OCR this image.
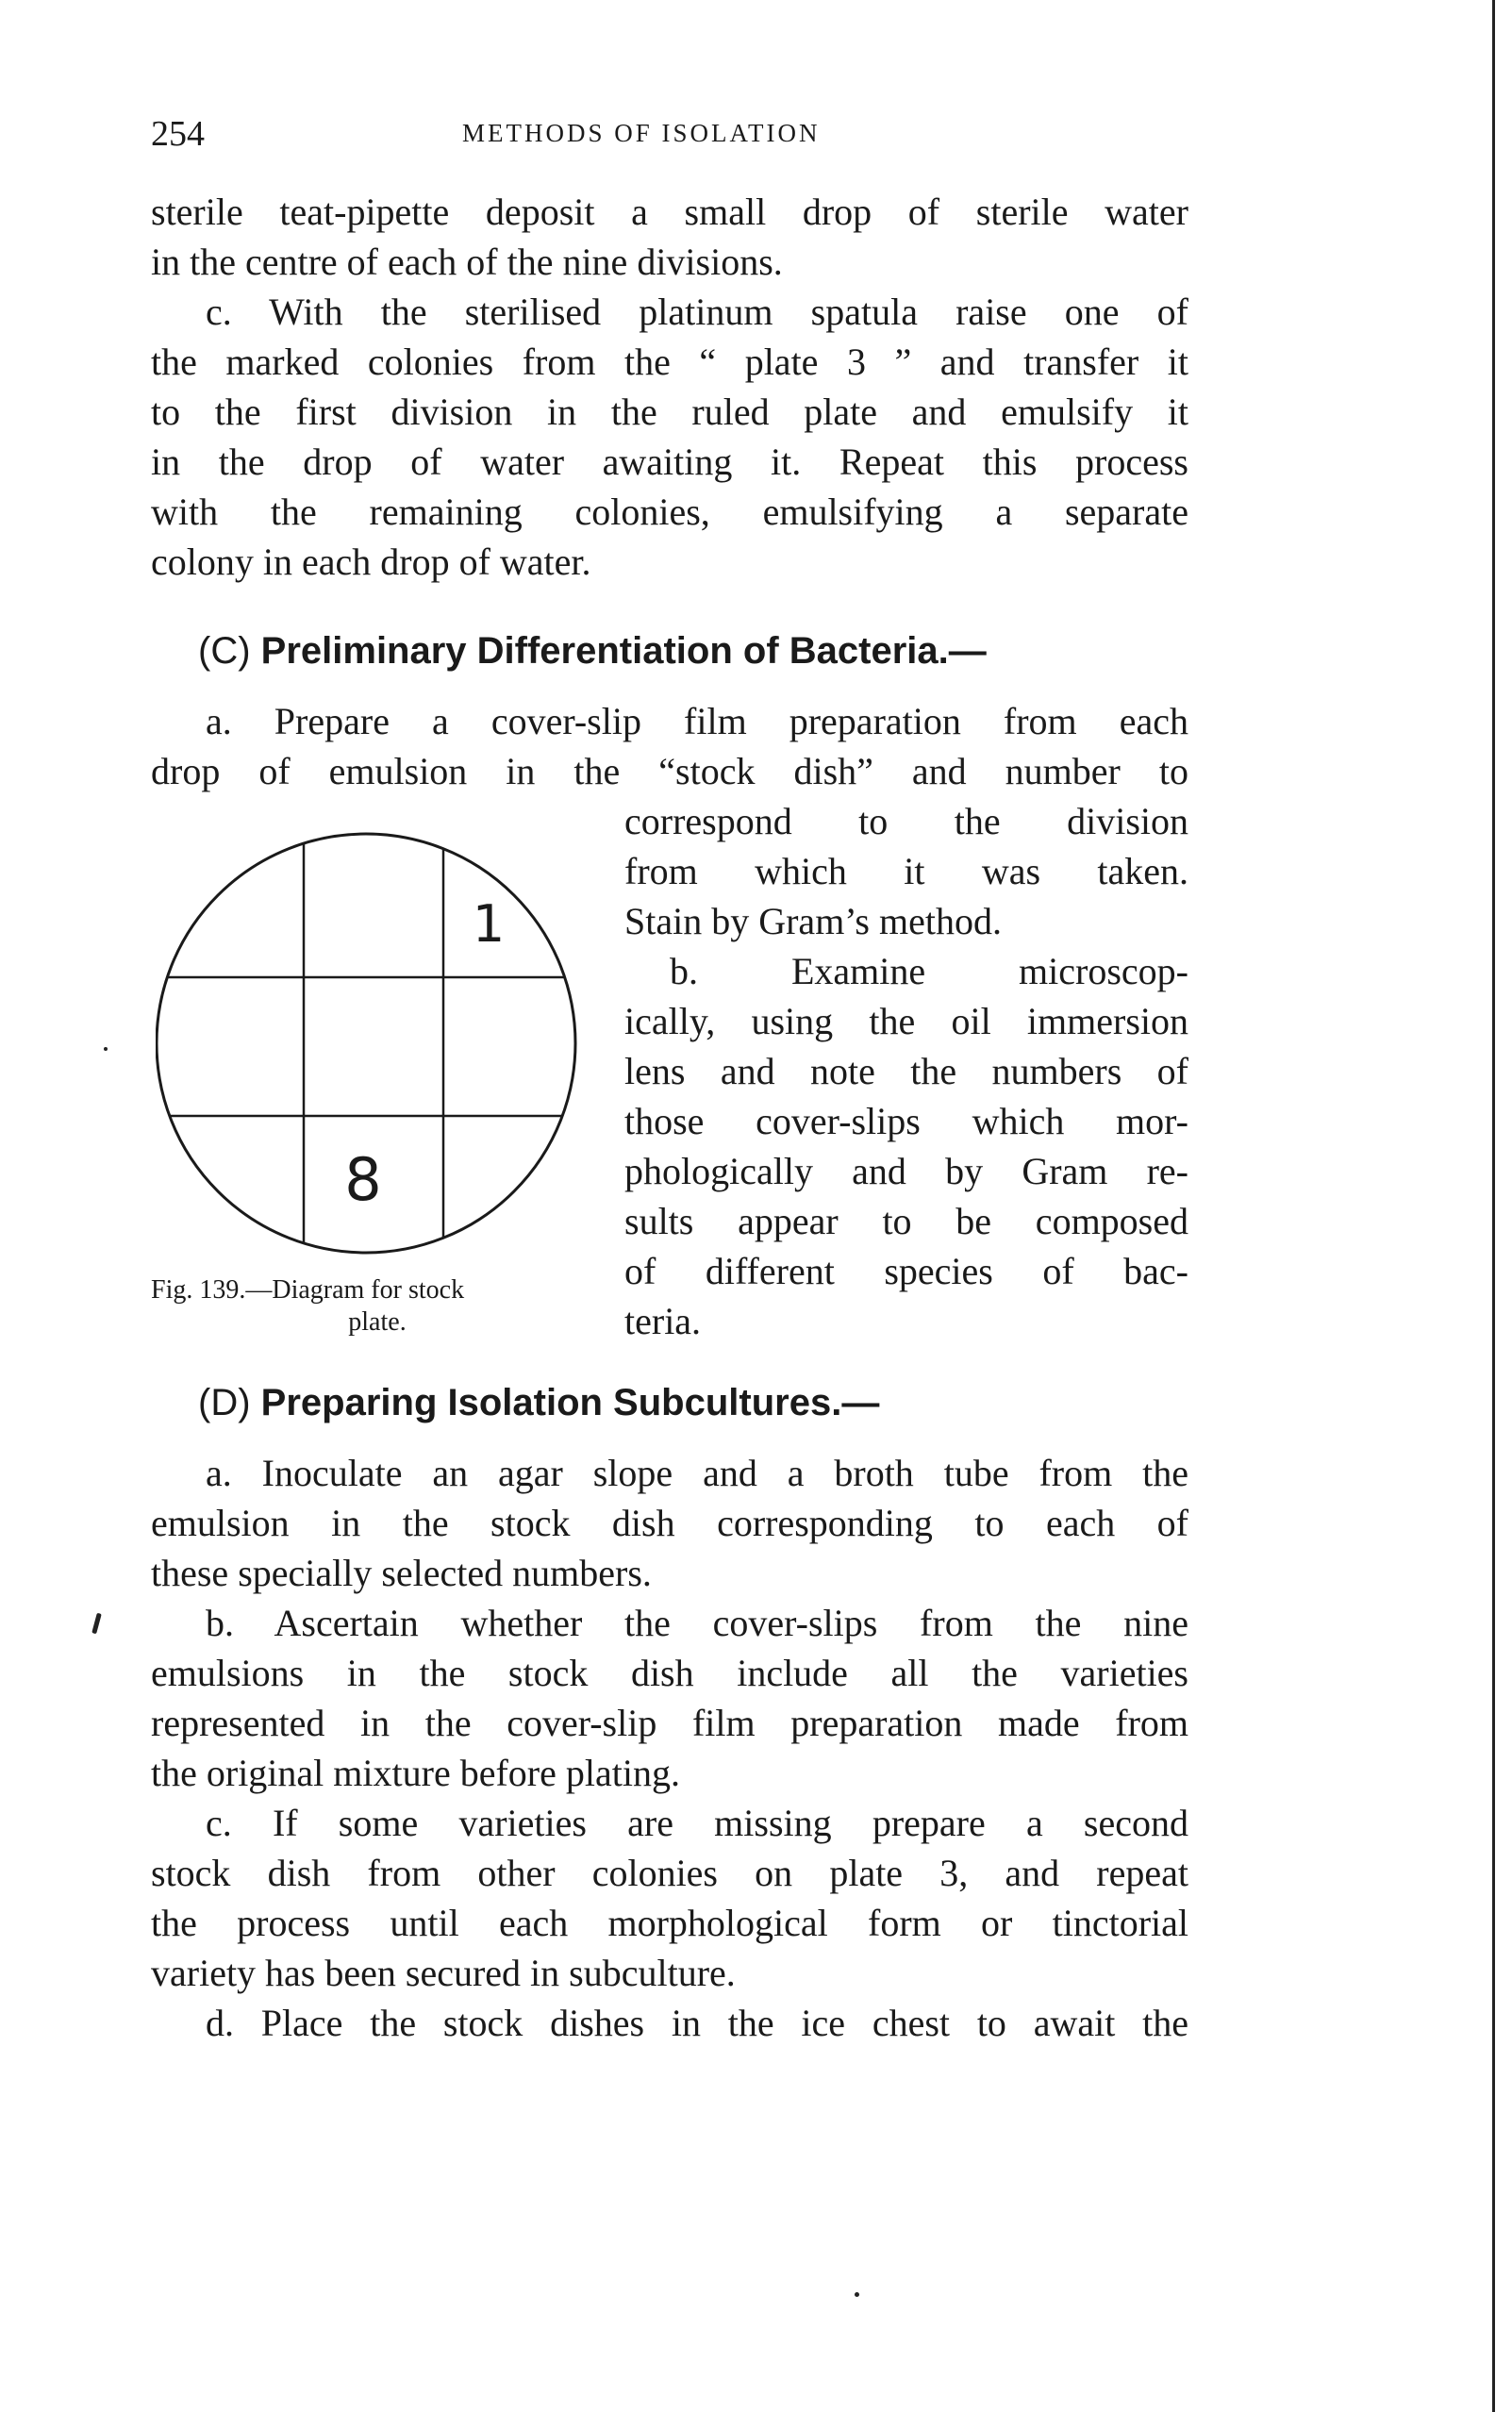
254	METHODS OF ISOLATION
sterile teat-pipette deposit a small drop of sterile water
in the centre of each of the nine divisions.
c. With the sterilised platinum spatula raise one of
the marked colonies from the “ plate 3 ” and transfer it
to the first division in the ruled plate and emulsify it
in the drop of water awaiting it. Repeat this process
with the remaining colonies, emulsifying a separate
colony in each drop of water.
(C) Preliminary Differentiation of Bacteria.—
a. Prepare a cover-slip film preparation from each
drop of emulsion in the “stock dish” and number to
correspond to the division
from which it was taken.
Stain by Gram’s method.
b. Examine microscop-
ically, using the oil immersion
lens and note the numbers of
those cover-slips which mor-
phologically and by Gram re-
sults appear to be composed
of different species of bac-
teria.
1
8
Fig. 139.—Diagram for stock
plate.
(D) Preparing Isolation Subcultures.—
a. Inoculate an agar slope and a broth tube from the
emulsion in the stock dish corresponding to each of
these specially selected numbers.
b. Ascertain whether the cover-slips from the nine
emulsions in the stock dish include all the varieties
represented in the cover-slip film preparation made from
the original mixture before plating.
c. If some varieties are missing prepare a second
stock dish from other colonies on plate 3, and repeat
the process until each morphological form or tinctorial
variety has been secured in subculture.
d. Place the stock dishes in the ice chest to await the
